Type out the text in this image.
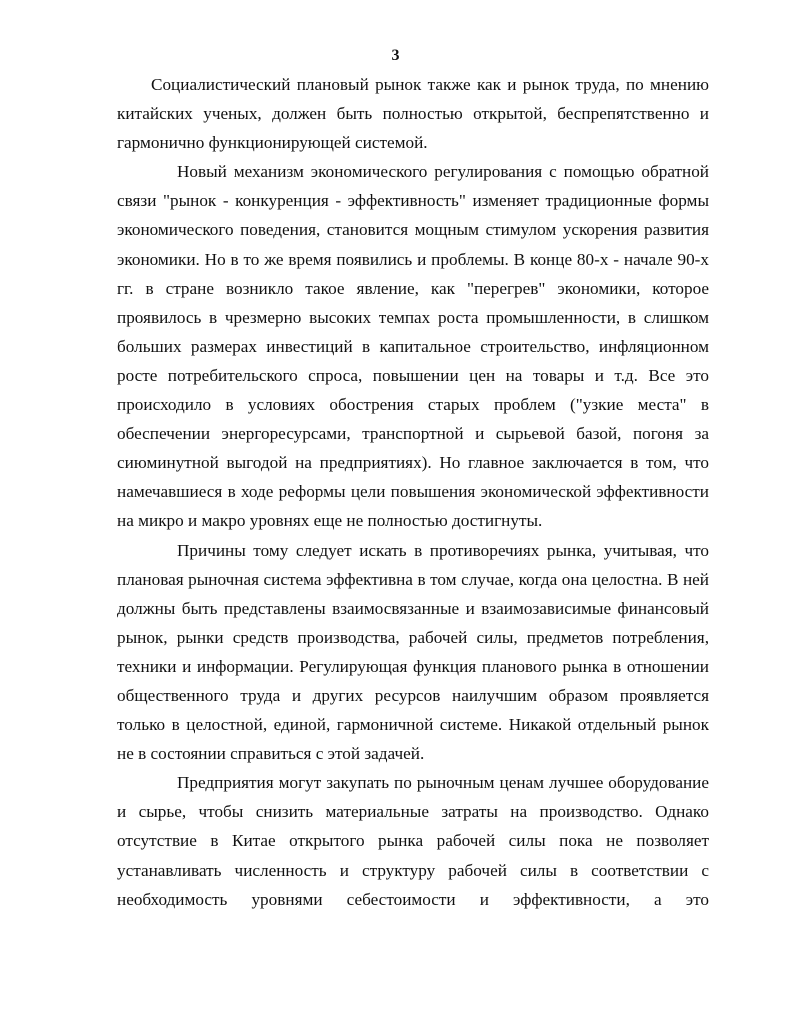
3

Социалистический плановый рынок также как и рынок труда, по мнению китайских ученых, должен быть полностью открытой, беспрепятственно и гармонично функционирующей системой.

Новый механизм экономического регулирования с помощью обратной связи "рынок - конкуренция - эффективность" изменяет традиционные формы экономического поведения, становится мощным стимулом ускорения развития экономики. Но в то же время появились и проблемы. В конце 80-х - начале 90-х гг. в стране возникло такое явление, как "перегрев" экономики, которое проявилось в чрезмерно высоких темпах роста промышленности, в слишком больших размерах инвестиций в капитальное строительство, инфляционном росте потребительского спроса, повышении цен на товары и т.д. Все это происходило в условиях обострения старых проблем ("узкие места" в обеспечении энергоресурсами, транспортной и сырьевой базой, погоня за сиюминутной выгодой на предприятиях). Но главное заключается в том, что намечавшиеся в ходе реформы цели повышения экономической эффективности на микро и макро уровнях еще не полностью достигнуты.

Причины тому следует искать в противоречиях рынка, учитывая, что плановая рыночная система эффективна в том случае, когда она целостна. В ней должны быть представлены взаимосвязанные и взаимозависимые финансовый рынок, рынки средств производства, рабочей силы, предметов потребления, техники и информации. Регулирующая функция планового рынка в отношении общественного труда и других ресурсов наилучшим образом проявляется только в целостной, единой, гармоничной системе. Никакой отдельный рынок не в состоянии справиться с этой задачей.

Предприятия могут закупать по рыночным ценам лучшее оборудование и сырье, чтобы снизить материальные затраты на производство. Однако отсутствие в Китае открытого рынка рабочей силы пока не позволяет устанавливать численность и структуру рабочей силы в соответствии с необходимость уровнями себестоимости и эффективности, а это
